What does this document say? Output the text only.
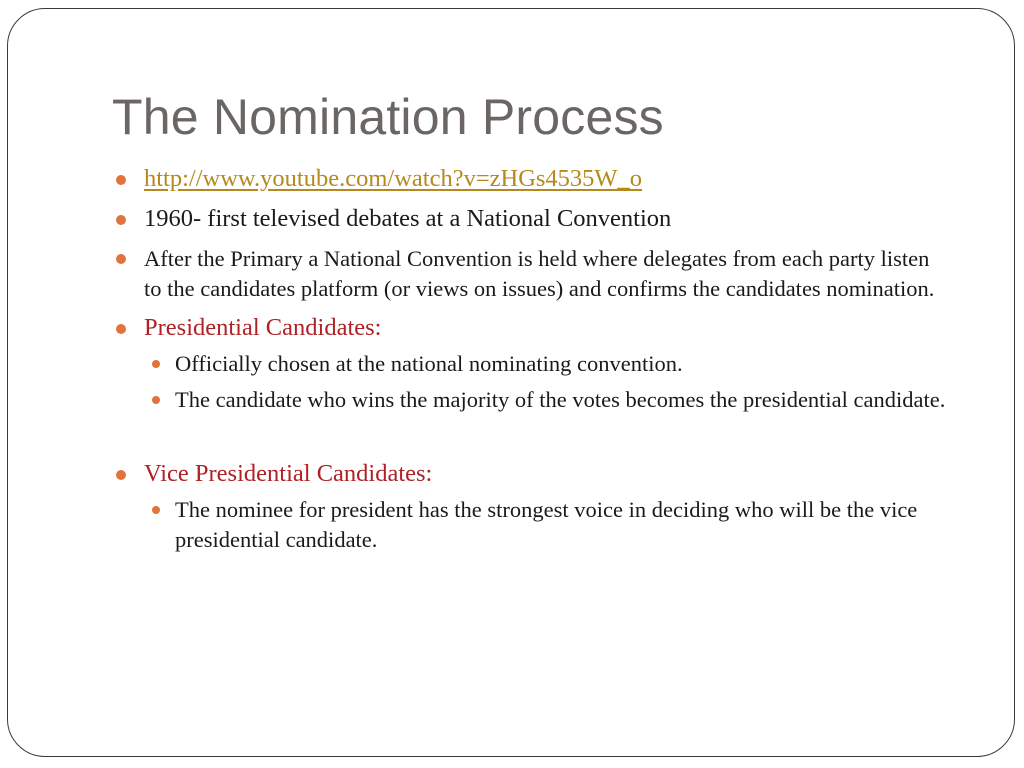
The Nomination Process
http://www.youtube.com/watch?v=zHGs4535W_o
1960- first televised debates at a National Convention
After the Primary a National Convention is held where delegates from each party listen to the candidates platform (or views on issues) and confirms the candidates nomination.
Presidential Candidates:
Officially chosen at the national nominating convention.
The candidate who wins the majority of the votes becomes the presidential candidate.
Vice Presidential Candidates:
The nominee for president has the strongest voice in deciding who will be the vice presidential candidate.
